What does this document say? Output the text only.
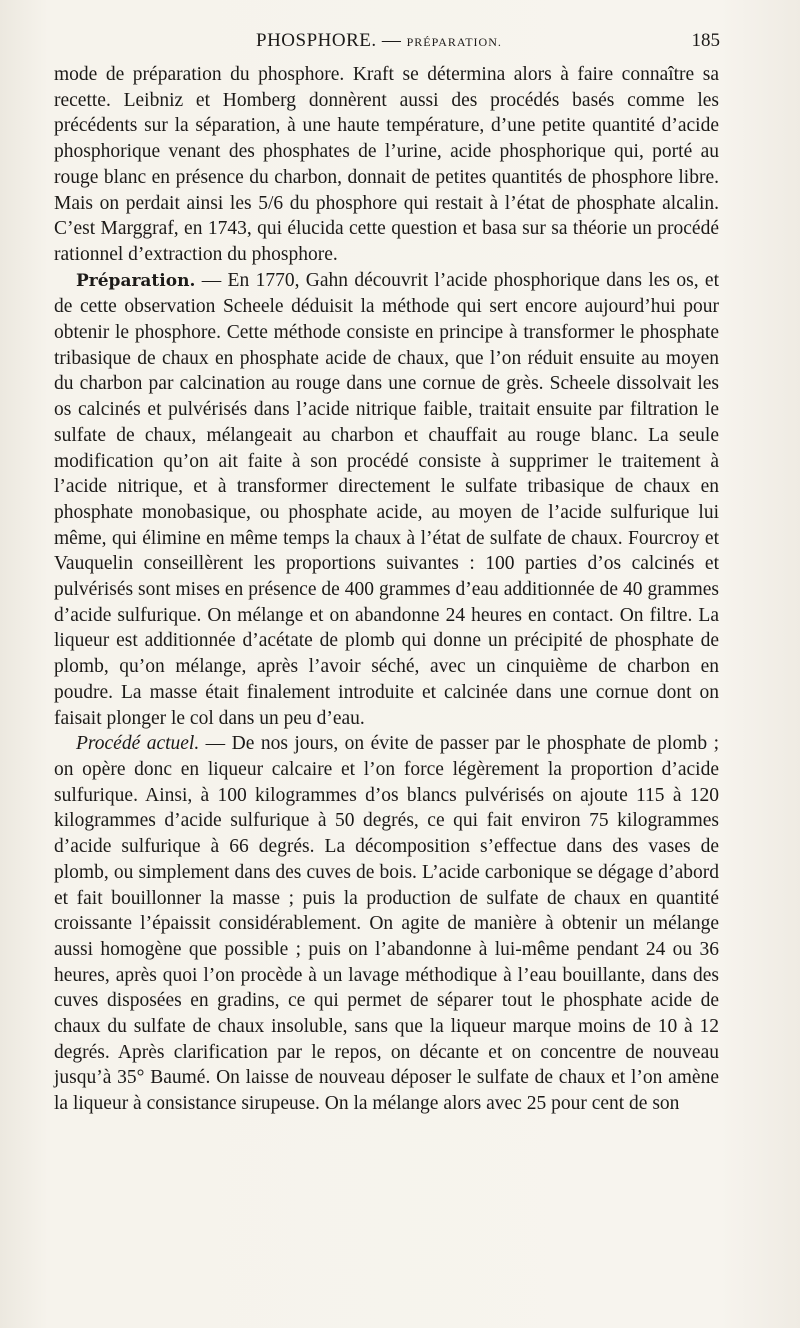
PHOSPHORE. — PRÉPARATION.	185

mode de préparation du phosphore. Kraft se détermina alors à faire connaître sa recette. Leibniz et Homberg donnèrent aussi des procédés basés comme les précédents sur la séparation, à une haute température, d’une petite quantité d’acide phosphorique venant des phosphates de l’urine, acide phosphorique qui, porté au rouge blanc en présence du charbon, donnait de petites quantités de phosphore libre. Mais on perdait ainsi les 5/6 du phosphore qui restait à l’état de phosphate alcalin. C’est Marggraf, en 1743, qui élucida cette question et basa sur sa théorie un procédé rationnel d’extraction du phosphore.

Préparation. — En 1770, Gahn découvrit l’acide phosphorique dans les os, et de cette observation Scheele déduisit la méthode qui sert encore aujourd’hui pour obtenir le phosphore. Cette méthode consiste en principe à transformer le phosphate tribasique de chaux en phosphate acide de chaux, que l’on réduit ensuite au moyen du charbon par calcination au rouge dans une cornue de grès. Scheele dissolvait les os calcinés et pulvérisés dans l’acide nitrique faible, traitait ensuite par filtration le sulfate de chaux, mélangeait au charbon et chauffait au rouge blanc. La seule modification qu’on ait faite à son procédé consiste à supprimer le traitement à l’acide nitrique, et à transformer directement le sulfate tribasique de chaux en phosphate monobasique, ou phosphate acide, au moyen de l’acide sulfurique lui même, qui élimine en même temps la chaux à l’état de sulfate de chaux. Fourcroy et Vauquelin conseillèrent les proportions suivantes : 100 parties d’os calcinés et pulvérisés sont mises en présence de 400 grammes d’eau additionnée de 40 grammes d’acide sulfurique. On mélange et on abandonne 24 heures en contact. On filtre. La liqueur est additionnée d’acétate de plomb qui donne un précipité de phosphate de plomb, qu’on mélange, après l’avoir séché, avec un cinquième de charbon en poudre. La masse était finalement introduite et calcinée dans une cornue dont on faisait plonger le col dans un peu d’eau.

Procédé actuel. — De nos jours, on évite de passer par le phosphate de plomb ; on opère donc en liqueur calcaire et l’on force légèrement la proportion d’acide sulfurique. Ainsi, à 100 kilogrammes d’os blancs pulvérisés on ajoute 115 à 120 kilogrammes d’acide sulfurique à 50 degrés, ce qui fait environ 75 kilogrammes d’acide sulfurique à 66 degrés. La décomposition s’effectue dans des vases de plomb, ou simplement dans des cuves de bois. L’acide carbonique se dégage d’abord et fait bouillonner la masse ; puis la production de sulfate de chaux en quantité croissante l’épaissit considérablement. On agite de manière à obtenir un mélange aussi homogène que possible ; puis on l’abandonne à lui-même pendant 24 ou 36 heures, après quoi l’on procède à un lavage méthodique à l’eau bouillante, dans des cuves disposées en gradins, ce qui permet de séparer tout le phosphate acide de chaux du sulfate de chaux insoluble, sans que la liqueur marque moins de 10 à 12 degrés. Après clarification par le repos, on décante et on concentre de nouveau jusqu’à 35° Baumé. On laisse de nouveau déposer le sulfate de chaux et l’on amène la liqueur à consistance sirupeuse. On la mélange alors avec 25 pour cent de son
